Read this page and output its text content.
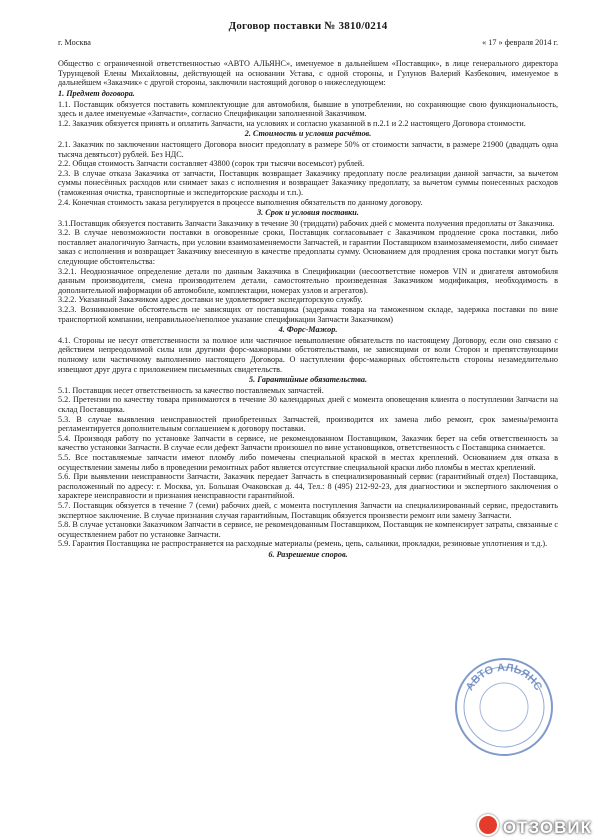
Договор поставки № 3810/0214
г. Москва	« 17 » февраля 2014 г.

Общество с ограниченной ответственностью «АВТО АЛЬЯНС», именуемое в дальнейшем «Поставщик», в лице генерального директора Турунцевой Елены Михайловны, действующей на основании Устава, с одной стороны, и Гулунов Валерий Казбекович, именуемое в дальнейшем «Заказчик» с другой стороны, заключили настоящий договор о нижеследующем:

1. Предмет договора.

1.1. Поставщик обязуется поставить комплектующие для автомобиля, бывшие в употреблении, но сохраняющие свою функциональность, здесь и далее именуемые «Запчасти», согласно Спецификации заполненной Заказчиком.

1.2. Заказчик обязуется принять и оплатить Запчасти, на условиях и согласно указанной в п.2.1 и 2.2 настоящего Договора стоимости.

2. Стоимость и условия расчётов.

2.1. Заказчик по заключении настоящего Договора вносит предоплату в размере 50% от стоимости запчасти, в размере 21900 (двадцать одна тысяча девятьсот) рублей. Без НДС.

2.2. Общая стоимость Запчасти составляет 43800 (сорок три тысячи восемьсот) рублей.

2.3. В случае отказа Заказчика от запчасти, Поставщик возвращает Заказчику предоплату после реализации данной запчасти, за вычетом суммы понесённых расходов или снимает заказ с исполнения и возвращает Заказчику предоплату, за вычетом суммы понесенных расходов (таможенная очистка, транспортные и экспедиторские расходы и т.п.).

2.4. Конечная стоимость заказа регулируется в процессе выполнения обязательств по данному договору.

3. Срок и условия поставки.

3.1.Поставщик обязуется поставить Запчасти Заказчику в течение 30 (тридцати) рабочих дней с момента получения предоплаты от Заказчика.

3.2. В случае невозможности поставки в оговоренные сроки, Поставщик согласовывает с Заказчиком продление срока поставки, либо поставляет аналогичную Запчасть, при условии взаимозаменяемости Запчастей, и гарантии Поставщиком взаимозаменяемости, либо снимает заказ с исполнения и возвращает Заказчику внесенную в качестве предоплаты сумму. Основанием для продления срока поставки могут быть следующие обстоятельства:

3.2.1. Неоднозначное определение детали по данным Заказчика в Спецификации (несоответствие номеров VIN и двигателя автомобиля данным производителя, смена производителем детали, самостоятельно произведенная Заказчиком модификация, необходимость в дополнительной информации об автомобиле, комплектации, номерах узлов и агрегатов).

3.2.2. Указанный Заказчиком адрес доставки не удовлетворяет экспедиторскую службу.

3.2.3. Возникновение обстоятельств не зависящих от поставщика (задержка товара на таможенном складе, задержка поставки по вине транспортной компании, неправильное/неполное указание спецификации Запчасти Заказчиком)

4. Форс-Мажор.

4.1. Стороны не несут ответственности за полное или частичное невыполнение обязательств по настоящему Договору, если оно связано с действием непреодолимой силы или другими форс-мажорными обстоятельствами, не зависящими от воли Сторон и препятствующими полному или частичному выполнению настоящего Договора. О наступлении форс-мажорных обстоятельств стороны незамедлительно извещают друг друга с приложением письменных свидетельств.

5. Гарантийные обязательства.

5.1. Поставщик несет ответственность за качество поставляемых запчастей.

5.2. Претензии по качеству товара принимаются в течение 30 календарных дней с момента оповещения клиента о поступлении Запчасти на склад Поставщика.

5.3. В случае выявления неисправностей приобретенных Запчастей, производится их замена либо ремонт, срок замены/ремонта регламентируется дополнительным соглашением к договору поставки.

5.4. Производя работу по установке Запчасти в сервисе, не рекомендованном Поставщиком, Заказчик берет на себя ответственность за качество установки Запчасти. В случае если дефект Запчасти произошел по вине установщиков, ответственность с Поставщика снимается.

5.5. Все поставляемые запчасти имеют пломбу либо помечены специальной краской в местах креплений. Основанием для отказа в осуществлении замены либо в проведении ремонтных работ является отсутствие специальной краски либо пломбы в местах креплений.

5.6. При выявлении неисправности Запчасти, Заказчик передает Запчасть в специализированный сервис (гарантийный отдел) Поставщика, расположенный по адресу: г. Москва, ул. Большая Очаковская д. 44, Тел.: 8 (495) 212-92-23, для диагностики и экспертного заключения о характере неисправности и признания неисправности гарантийной.

5.7. Поставщик обязуется в течение 7 (семи) рабочих дней, с момента поступления Запчасти на специализированный сервис, предоставить экспертное заключение. В случае признания случая гарантийным, Поставщик обязуется произвести ремонт или замену Запчасти.

5.8. В случае установки Заказчиком Запчасти в сервисе, не рекомендованным Поставщиком, Поставщик не компенсирует затраты, связанные с осуществлением работ по установке Запчасти.

5.9. Гарантия Поставщика не распространяется на расходные материалы (ремень, цепь, сальники, прокладки, резиновые уплотнения и т.д.).

6. Разрешение споров.
АВТО АЛЬЯНС
ОТЗОВИК
